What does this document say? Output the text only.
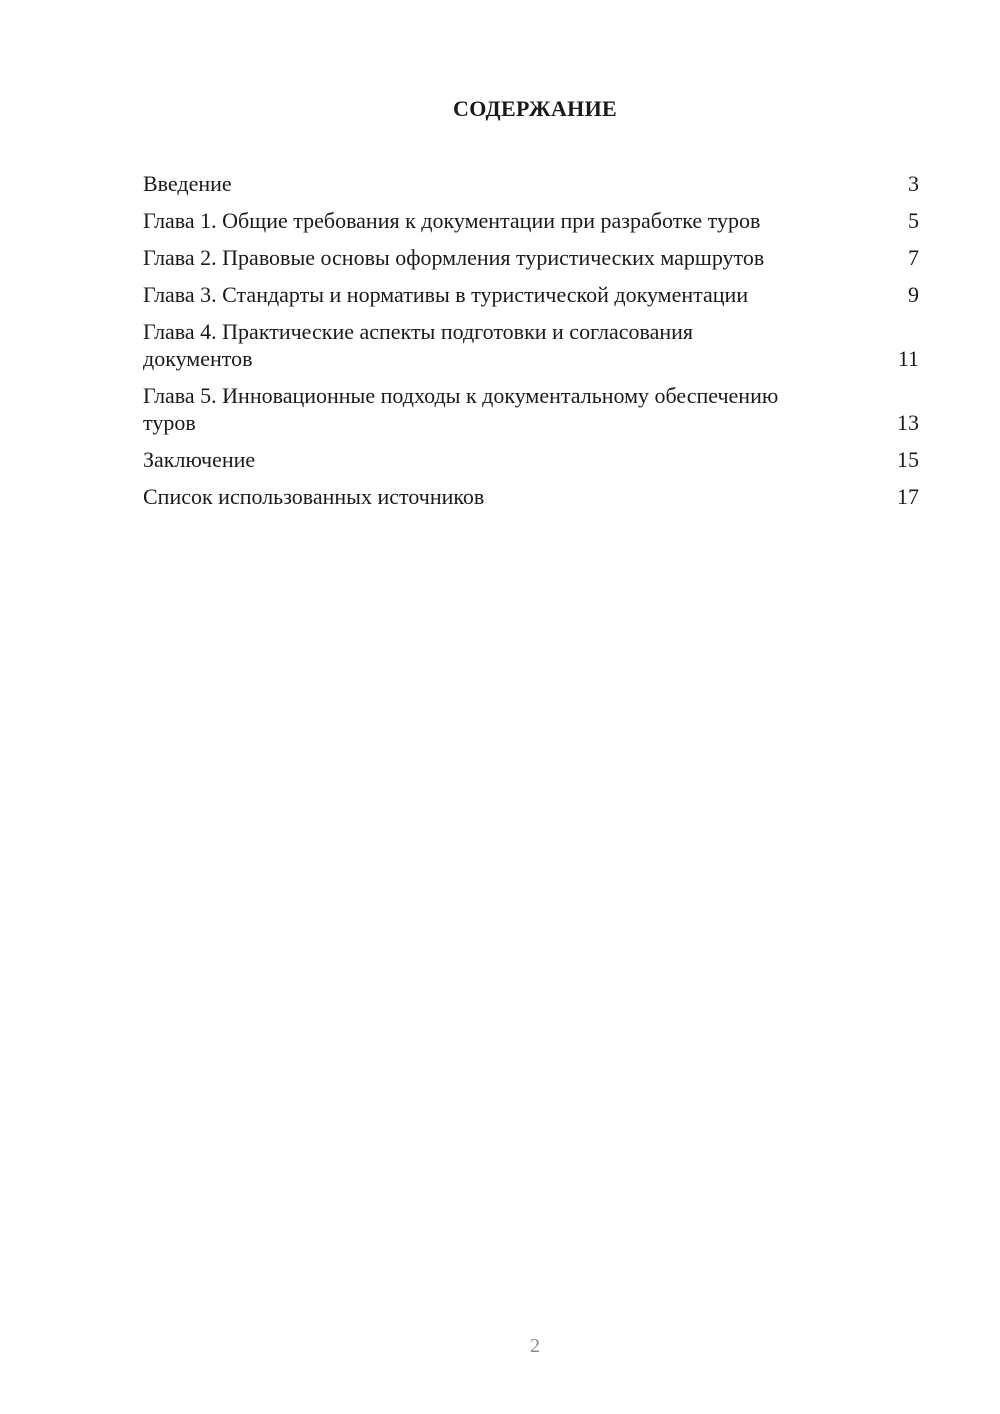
СОДЕРЖАНИЕ
Введение	3
Глава 1. Общие требования к документации при разработке туров	5
Глава 2. Правовые основы оформления туристических маршрутов	7
Глава 3. Стандарты и нормативы в туристической документации	9
Глава 4. Практические аспекты подготовки и согласования документов	11
Глава 5. Инновационные подходы к документальному обеспечению туров	13
Заключение	15
Список использованных источников	17
2
